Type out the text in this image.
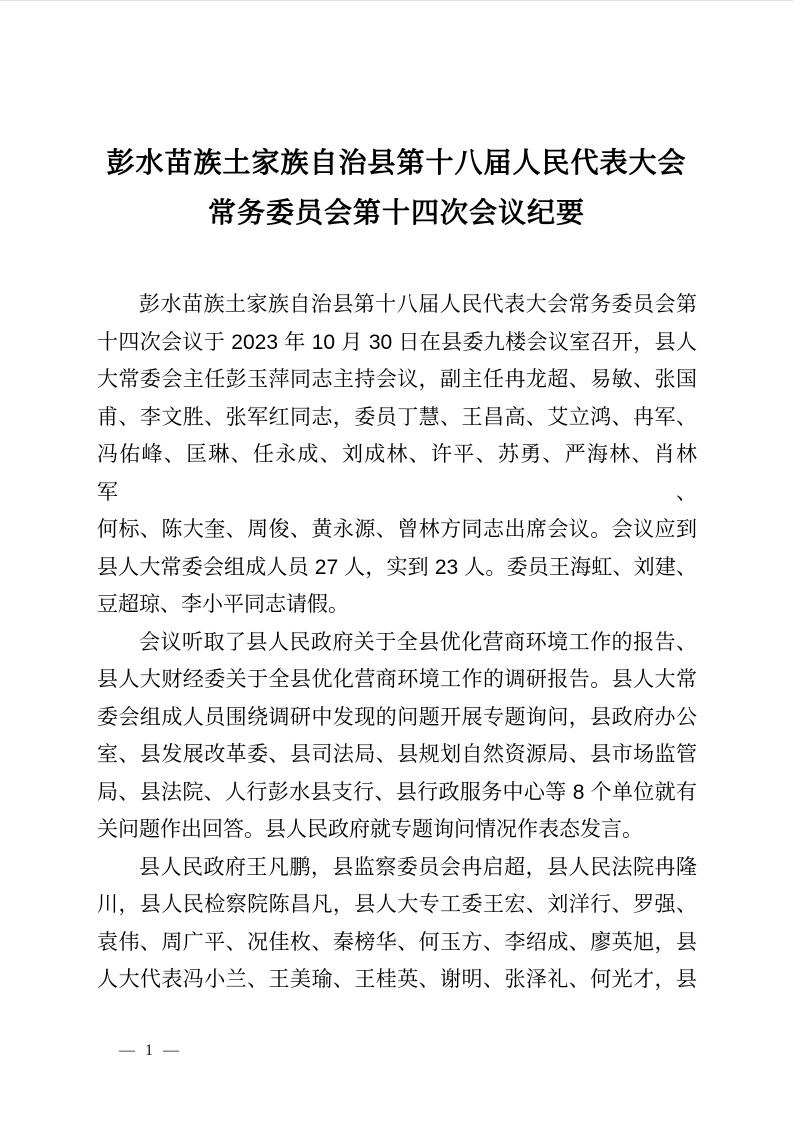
彭水苗族土家族自治县第十八届人民代表大会
常务委员会第十四次会议纪要
彭水苗族土家族自治县第十八届人民代表大会常务委员会第
十四次会议于 2023 年 10 月 30 日在县委九楼会议室召开，县人
大常委会主任彭玉萍同志主持会议，副主任冉龙超、易敏、张国
甫、李文胜、张军红同志，委员丁慧、王昌高、艾立鸿、冉军、
冯佑峰、匡琳、任永成、刘成林、许平、苏勇、严海林、肖林军、
何标、陈大奎、周俊、黄永源、曾林方同志出席会议。会议应到
县人大常委会组成人员 27 人，实到 23 人。委员王海虹、刘建、
豆超琼、李小平同志请假。
会议听取了县人民政府关于全县优化营商环境工作的报告、
县人大财经委关于全县优化营商环境工作的调研报告。县人大常
委会组成人员围绕调研中发现的问题开展专题询问，县政府办公
室、县发展改革委、县司法局、县规划自然资源局、县市场监管
局、县法院、人行彭水县支行、县行政服务中心等 8 个单位就有
关问题作出回答。县人民政府就专题询问情况作表态发言。
县人民政府王凡鹏，县监察委员会冉启超，县人民法院冉隆
川，县人民检察院陈昌凡，县人大专工委王宏、刘洋行、罗强、
袁伟、周广平、况佳枚、秦榜华、何玉方、李绍成、廖英旭，县
人大代表冯小兰、王美瑜、王桂英、谢明、张泽礼、何光才，县
— 1 —
